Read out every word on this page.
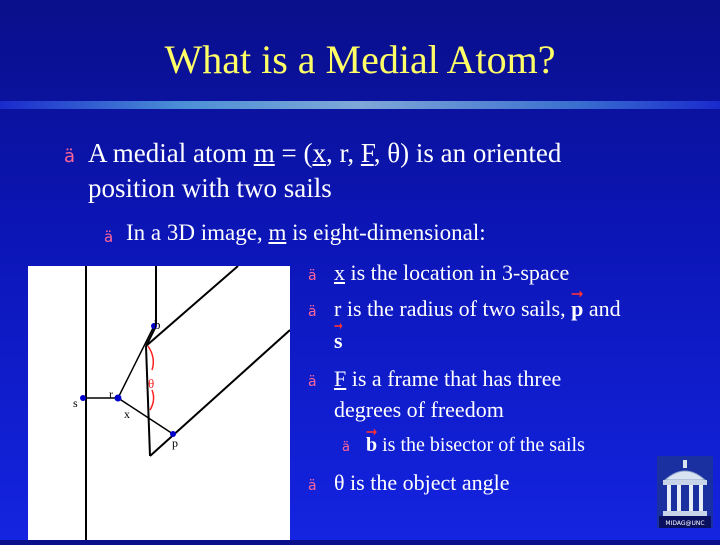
What is a Medial Atom?
ä A medial atom m = (x, r, F, θ) is an oriented
position with two sails
ä In a 3D image, m is eight-dimensional:
b
θ
r
s
x
p
ä x is the location in 3-space
ä r is the radius of two sails,
p and
s
ä F is a frame that has three
degrees of freedom
ä b is the bisector of the sails
ä θ is the object angle
MIDAG@UNC
